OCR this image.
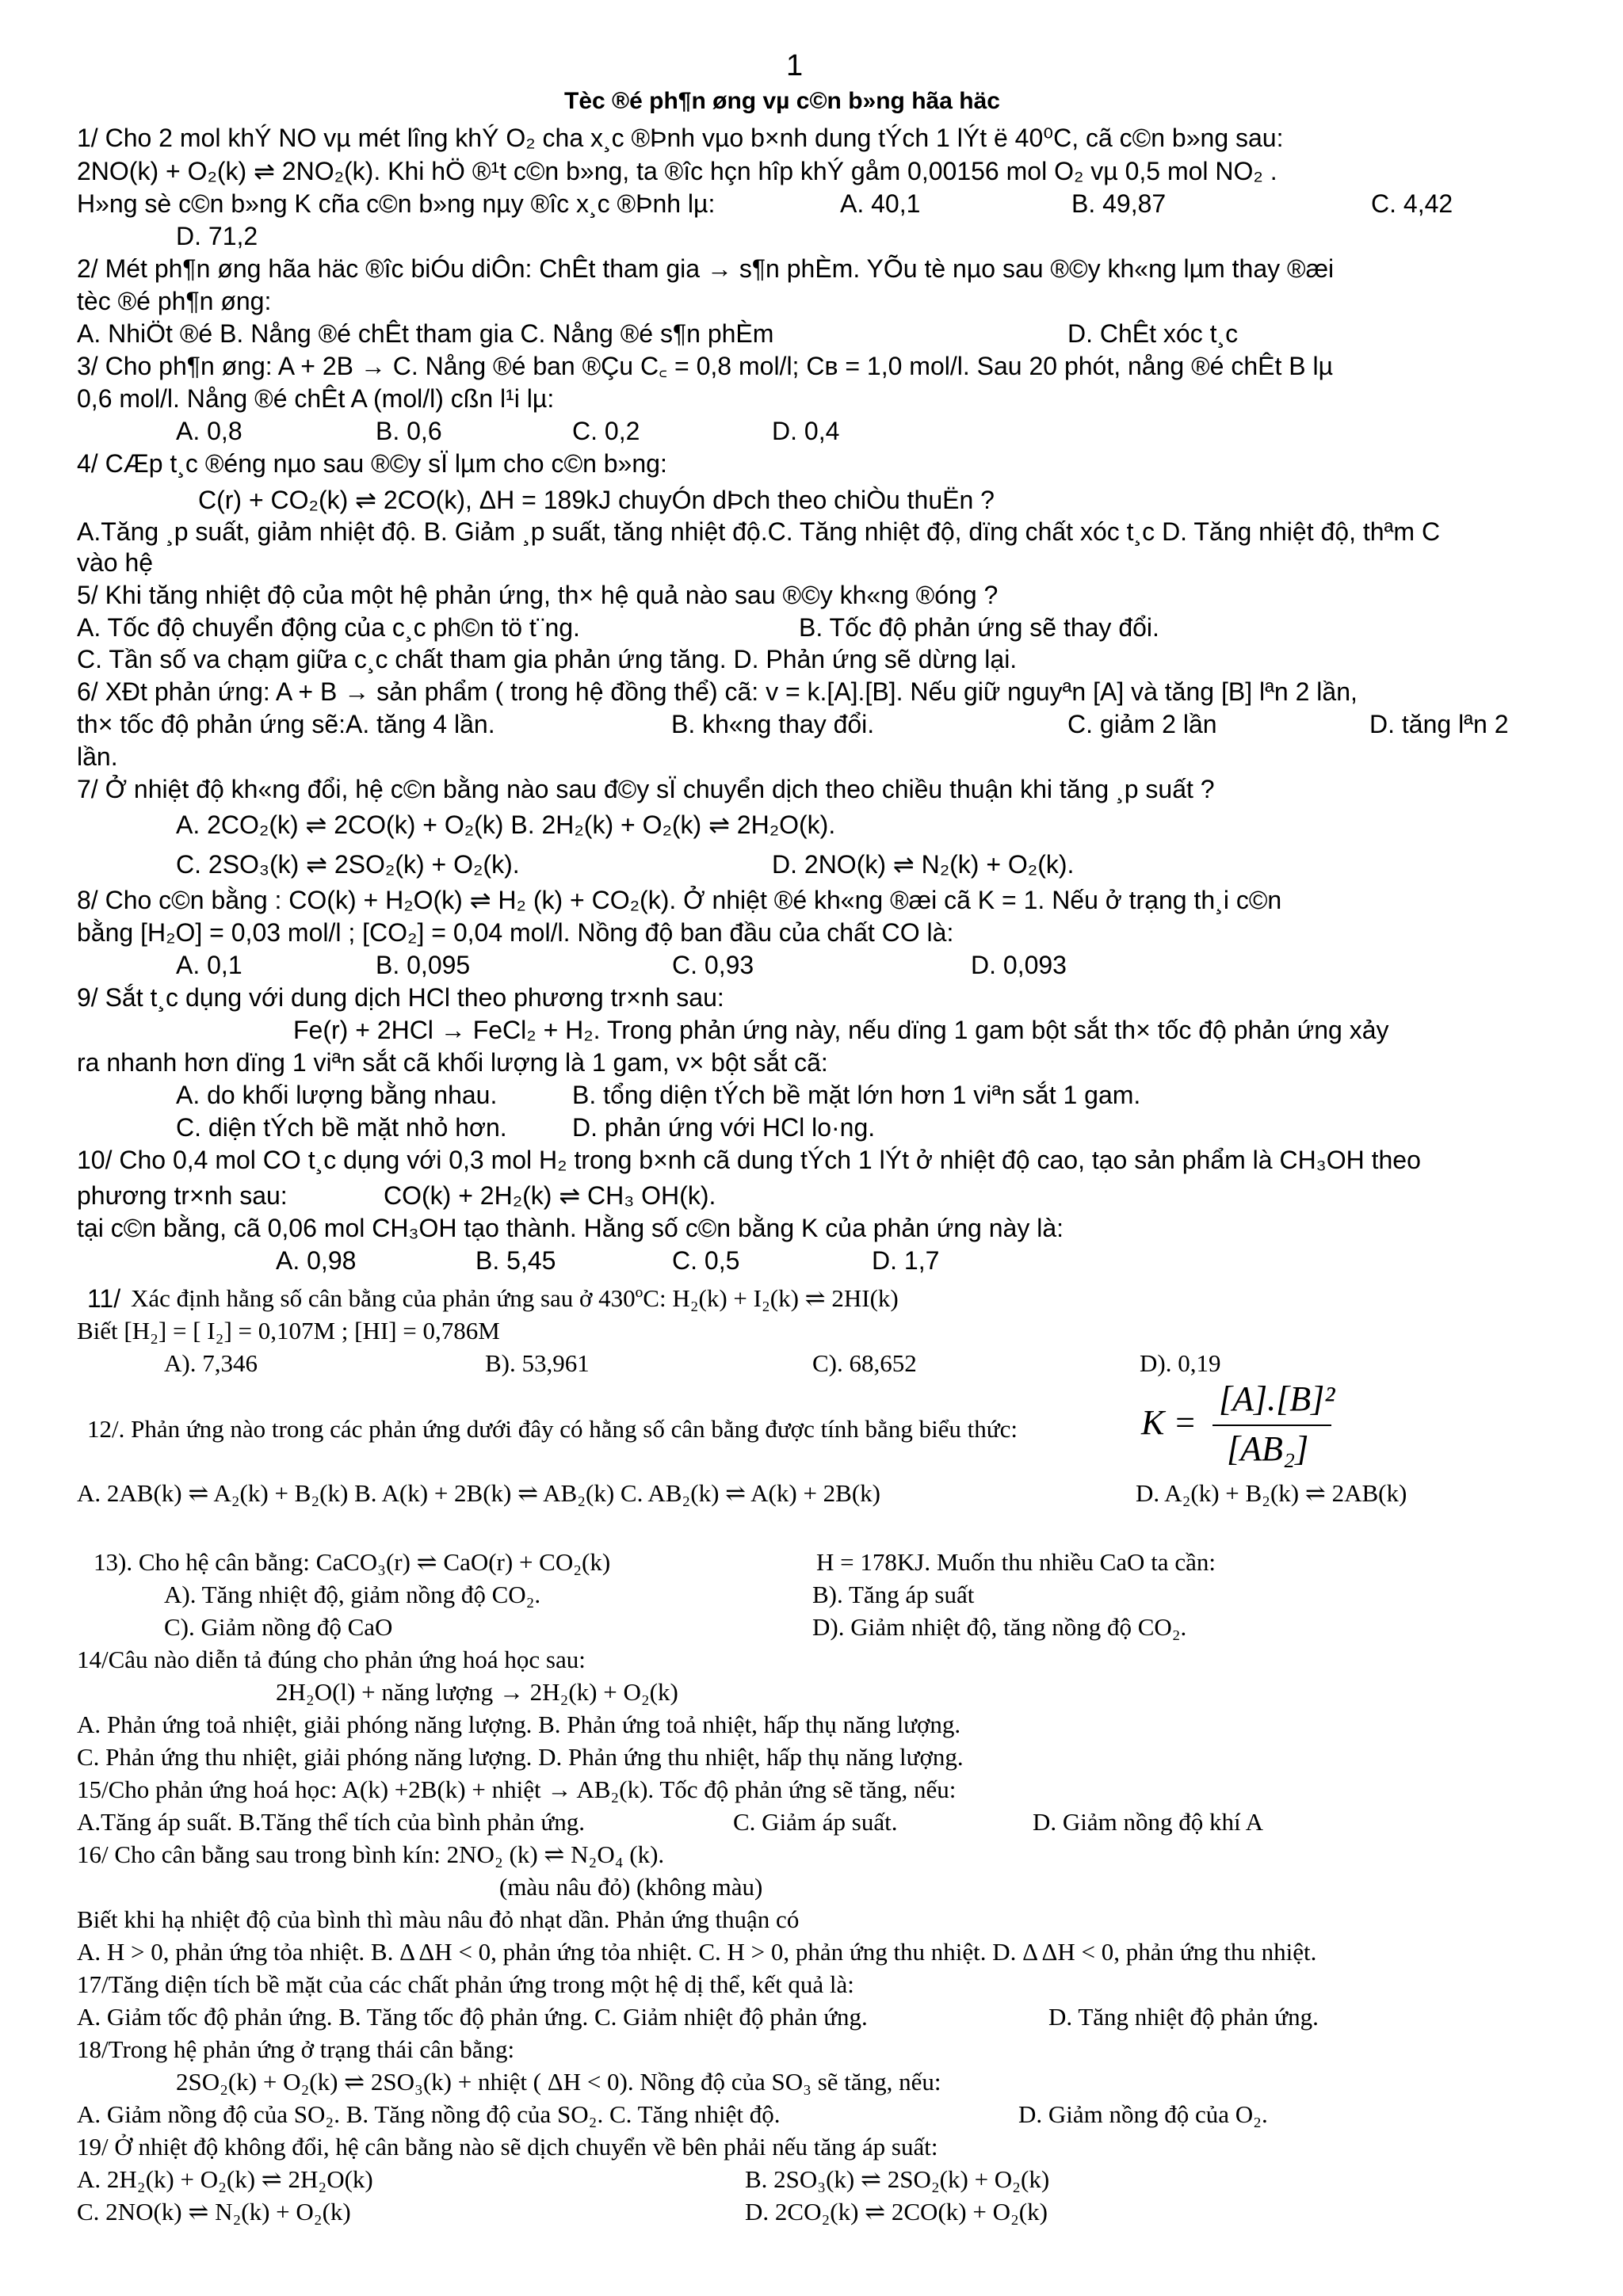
1
Tèc ®é ph¶n øng vµ c©n b»ng hãa häc
1/ Cho 2 mol khÝ NO vµ mét lîng khÝ O₂ cha x¸c ®Þnh vµo b×nh dung tÝch 1 lÝt ë 40⁰C, cã c©n b»ng sau:
2NO(k) + O₂(k) ⇌ 2NO₂(k). Khi hÖ ®¹t c©n b»ng, ta ®îc hçn hîp khÝ gåm 0,00156 mol O₂ vµ 0,5 mol NO₂ .
H»ng sè c©n b»ng K cña c©n b»ng nµy ®îc x¸c ®Þnh lµ:	A. 40,1	B. 49,87	C. 4,42
D. 71,2
2/ Mét ph¶n øng hãa häc ®îc biÓu diÔn: ChÊt tham gia → s¶n phÈm. YÕu tè nµo sau ®©y kh«ng lµm thay ®æi
tèc ®é ph¶n øng:
A. NhiÖt ®é B. Nång ®é chÊt tham gia C. Nång ®é s¶n phÈm	D. ChÊt xóc t¸c
3/ Cho ph¶n øng: A + 2B → C. Nång ®é ban ®Çu C꜀ = 0,8 mol/l; Cʙ = 1,0 mol/l. Sau 20 phót, nång ®é chÊt B lµ
0,6 mol/l. Nång ®é chÊt A (mol/l) cßn l¹i lµ:
A. 0,8	B. 0,6	C. 0,2	D. 0,4
4/ CÆp t¸c ®éng nµo sau ®©y sÏ lµm cho c©n b»ng:
C(r) + CO₂(k) ⇌ 2CO(k), ΔH = 189kJ chuyÓn dÞch theo chiÒu thuËn ?
A.Tăng ¸p suất, giảm nhiệt độ. B. Giảm ¸p suất, tăng nhiệt độ.C. Tăng nhiệt độ, dïng chất xóc t¸c D. Tăng nhiệt độ, thªm C
vào hệ
5/ Khi tăng nhiệt độ của một hệ phản ứng, th× hệ quả nào sau ®©y kh«ng ®óng ?
A. Tốc độ chuyển động của c¸c ph©n tö t¨ng.	B. Tốc độ phản ứng sẽ thay đổi.
C. Tần số va chạm giữa c¸c chất tham gia phản ứng tăng. D. Phản ứng sẽ dừng lại.
6/ XÐt phản ứng: A + B → sản phẩm ( trong hệ đồng thể) cã: v = k.[A].[B]. Nếu giữ nguyªn [A] và tăng [B] lªn 2 lần,
th× tốc độ phản ứng sẽ:A. tăng 4 lần.	B. kh«ng thay đổi.	C. giảm 2 lần	D. tăng lªn 2
lần.
7/ Ở nhiệt độ kh«ng đổi, hệ c©n bằng nào sau đ©y sÏ chuyển dịch theo chiều thuận khi tăng ¸p suất ?
A. 2CO₂(k) ⇌ 2CO(k) + O₂(k) B. 2H₂(k) + O₂(k) ⇌ 2H₂O(k).
C. 2SO₃(k) ⇌ 2SO₂(k) + O₂(k).	D. 2NO(k) ⇌ N₂(k) + O₂(k).
8/ Cho c©n bằng : CO(k) + H₂O(k) ⇌ H₂ (k) + CO₂(k). Ở nhiệt ®é kh«ng ®æi cã K = 1. Nếu ở trạng th¸i c©n
bằng [H₂O] = 0,03 mol/l ; [CO₂] = 0,04 mol/l. Nồng độ ban đầu của chất CO là:
A. 0,1	B. 0,095	C. 0,93	D. 0,093
9/ Sắt t¸c dụng với dung dịch HCl theo phương tr×nh sau:
Fe(r) + 2HCl → FeCl₂ + H₂. Trong phản ứng này, nếu dïng 1 gam bột sắt th× tốc độ phản ứng xảy
ra nhanh hơn dïng 1 viªn sắt cã khối lượng là 1 gam, v× bột sắt cã:
A. do khối lượng bằng nhau.	B. tổng diện tÝch bề mặt lớn hơn 1 viªn sắt 1 gam.
C. diện tÝch bề mặt nhỏ hơn.	D. phản ứng với HCl lo·ng.
10/ Cho 0,4 mol CO t¸c dụng với 0,3 mol H₂ trong b×nh cã dung tÝch 1 lÝt ở nhiệt độ cao, tạo sản phẩm là CH₃OH theo
phương tr×nh sau:	CO(k) + 2H₂(k) ⇌ CH₃ OH(k).
tại c©n bằng, cã 0,06 mol CH₃OH tạo thành. Hằng số c©n bằng K của phản ứng này là:
A. 0,98	B. 5,45	C. 0,5	D. 1,7
11/ Xác định hằng số cân bằng của phản ứng sau ở 430ºC: H₂(k) + I₂(k) ⇌ 2HI(k)
Biết [H₂] = [ I₂] = 0,107M ; [HI] = 0,786M
A). 7,346	B). 53,961	C). 68,652	D). 0,19
12/. Phản ứng nào trong các phản ứng dưới đây có hằng số cân bằng được tính bằng biểu thức:
A. 2AB(k) ⇌ A₂(k) + B₂(k) B. A(k) + 2B(k) ⇌ AB₂(k) C. AB₂(k) ⇌ A(k) + 2B(k)	D. A₂(k) + B₂(k) ⇌ 2AB(k)
13). Cho hệ cân bằng: CaCO₃(r) ⇌ CaO(r) + CO₂(k)	H = 178KJ. Muốn thu nhiều CaO ta cần:
A). Tăng nhiệt độ, giảm nồng độ CO₂.	B). Tăng áp suất
C). Giảm nồng độ CaO	D). Giảm nhiệt độ, tăng nồng độ CO₂.
14/Câu nào diễn tả đúng cho phản ứng hoá học sau:
2H₂O(l) + năng lượng → 2H₂(k) + O₂(k)
A. Phản ứng toả nhiệt, giải phóng năng lượng. B. Phản ứng toả nhiệt, hấp thụ năng lượng.
C. Phản ứng thu nhiệt, giải phóng năng lượng. D. Phản ứng thu nhiệt, hấp thụ năng lượng.
15/Cho phản ứng hoá học: A(k) +2B(k) + nhiệt → AB₂(k). Tốc độ phản ứng sẽ tăng, nếu:
A.Tăng áp suất. B.Tăng thể tích của bình phản ứng.	C. Giảm áp suất.	D. Giảm nồng độ khí A
16/ Cho cân bằng sau trong bình kín: 2NO₂ (k) ⇌ N₂O₄ (k).
(màu nâu đỏ) (không màu)
Biết khi hạ nhiệt độ của bình thì màu nâu đỏ nhạt dần. Phản ứng thuận có
A. H > 0, phản ứng tỏa nhiệt. B. Δ ΔH < 0, phản ứng tỏa nhiệt. C. H > 0, phản ứng thu nhiệt. D. Δ ΔH < 0, phản ứng thu nhiệt.
17/Tăng diện tích bề mặt của các chất phản ứng trong một hệ dị thể, kết quả là:
A. Giảm tốc độ phản ứng. B. Tăng tốc độ phản ứng. C. Giảm nhiệt độ phản ứng.	D. Tăng nhiệt độ phản ứng.
18/Trong hệ phản ứng ở trạng thái cân bằng:
2SO₂(k) + O₂(k) ⇌ 2SO₃(k) + nhiệt ( ΔH < 0). Nồng độ của SO₃ sẽ tăng, nếu:
A. Giảm nồng độ của SO₂. B. Tăng nồng độ của SO₂. C. Tăng nhiệt độ.	D. Giảm nồng độ của O₂.
19/ Ở nhiệt độ không đổi, hệ cân bằng nào sẽ dịch chuyển về bên phải nếu tăng áp suất:
A. 2H₂(k) + O₂(k) ⇌ 2H₂O(k)	B. 2SO₃(k) ⇌ 2SO₂(k) + O₂(k)
C. 2NO(k) ⇌ N₂(k) + O₂(k)	D. 2CO₂(k) ⇌ 2CO(k) + O₂(k)
K =
[A].[B]²
[AB₂]
